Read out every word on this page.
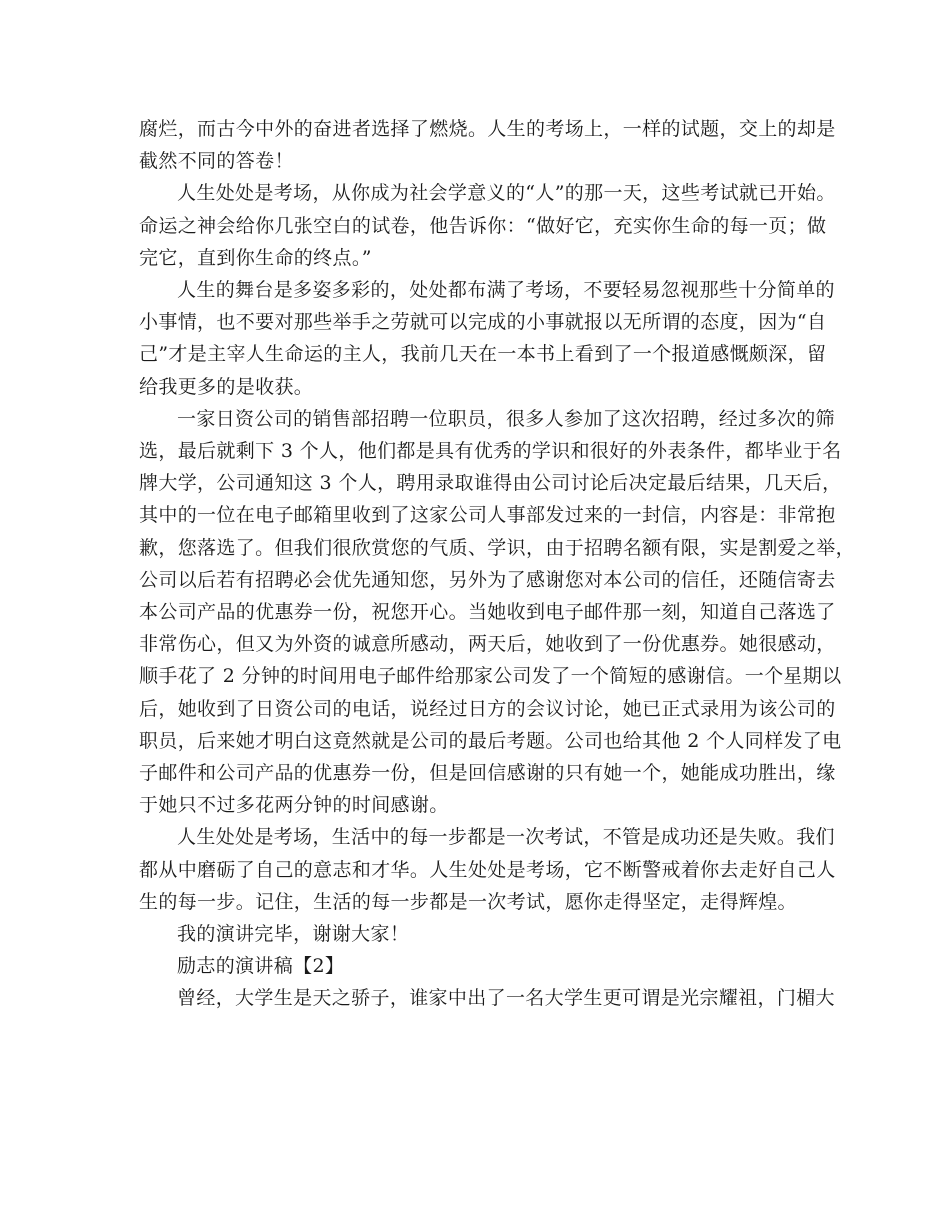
腐烂，而古今中外的奋进者选择了燃烧。人生的考场上，一样的试题，交上的却是
截然不同的答卷！
人生处处是考场，从你成为社会学意义的“人”的那一天，这些考试就已开始。
命运之神会给你几张空白的试卷，他告诉你：“做好它，充实你生命的每一页；做
完它，直到你生命的终点。”
人生的舞台是多姿多彩的，处处都布满了考场，不要轻易忽视那些十分简单的
小事情，也不要对那些举手之劳就可以完成的小事就报以无所谓的态度，因为“自
己”才是主宰人生命运的主人，我前几天在一本书上看到了一个报道感慨颇深，留
给我更多的是收获。
一家日资公司的销售部招聘一位职员，很多人参加了这次招聘，经过多次的筛
选，最后就剩下 3 个人，他们都是具有优秀的学识和很好的外表条件，都毕业于名
牌大学，公司通知这 3 个人，聘用录取谁得由公司讨论后决定最后结果，几天后，
其中的一位在电子邮箱里收到了这家公司人事部发过来的一封信，内容是：非常抱
歉，您落选了。但我们很欣赏您的气质、学识，由于招聘名额有限，实是割爱之举，
公司以后若有招聘必会优先通知您，另外为了感谢您对本公司的信任，还随信寄去
本公司产品的优惠券一份，祝您开心。当她收到电子邮件那一刻，知道自己落选了
非常伤心，但又为外资的诚意所感动，两天后，她收到了一份优惠券。她很感动，
顺手花了 2 分钟的时间用电子邮件给那家公司发了一个简短的感谢信。一个星期以
后，她收到了日资公司的电话，说经过日方的会议讨论，她已正式录用为该公司的
职员，后来她才明白这竟然就是公司的最后考题。公司也给其他 2 个人同样发了电
子邮件和公司产品的优惠券一份，但是回信感谢的只有她一个，她能成功胜出，缘
于她只不过多花两分钟的时间感谢。
人生处处是考场，生活中的每一步都是一次考试，不管是成功还是失败。我们
都从中磨砺了自己的意志和才华。人生处处是考场，它不断警戒着你去走好自己人
生的每一步。记住，生活的每一步都是一次考试，愿你走得坚定，走得辉煌。
我的演讲完毕，谢谢大家！
励志的演讲稿【2】
曾经，大学生是天之骄子，谁家中出了一名大学生更可谓是光宗耀祖，门楣大
